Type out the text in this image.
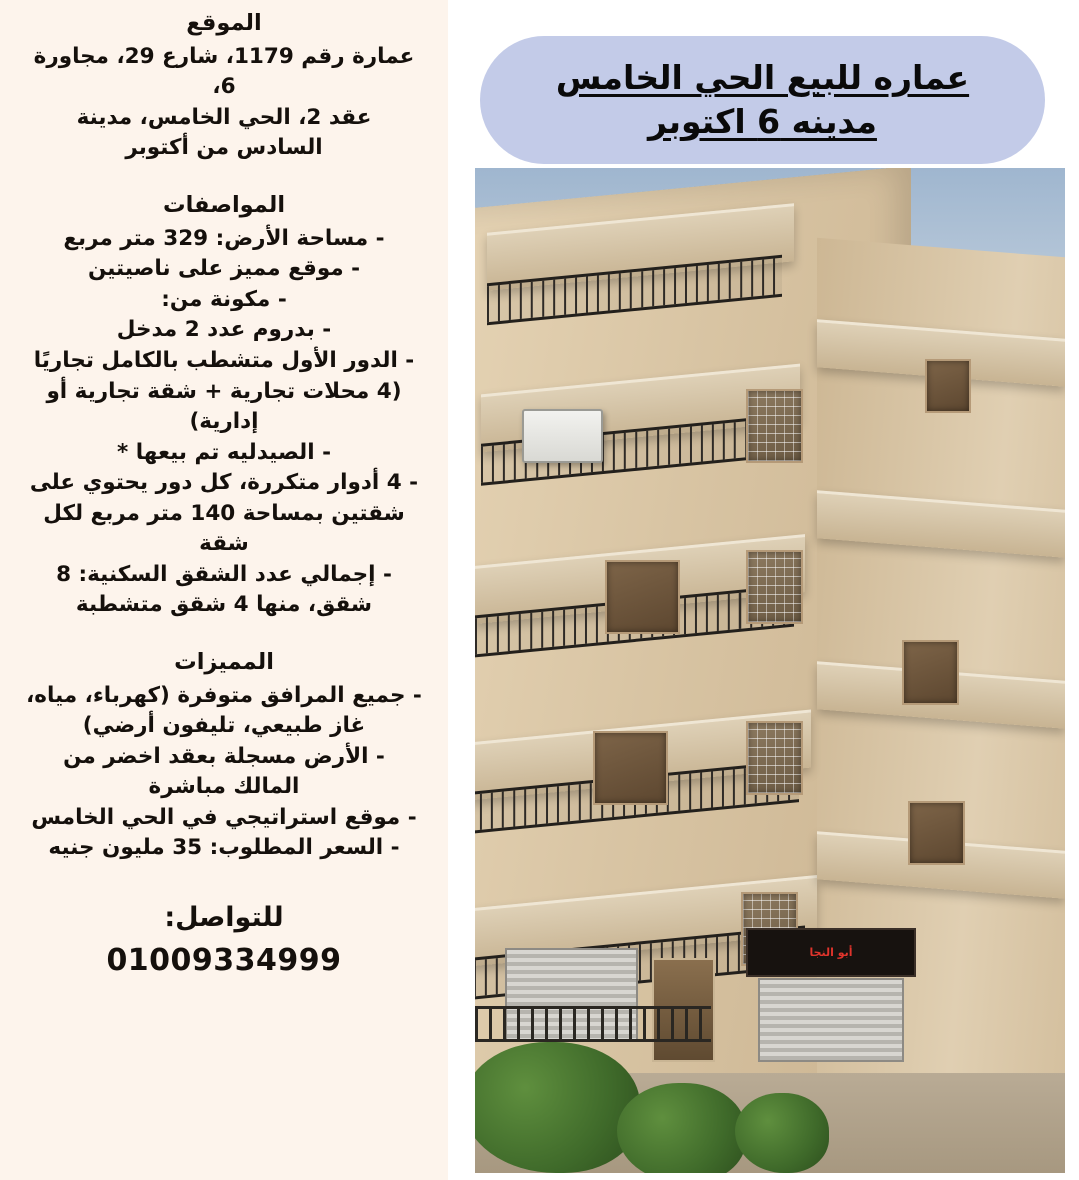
الموقع
عمارة رقم 1179، شارع 29، مجاورة 6،
عقد 2، الحي الخامس، مدينة
السادس من أكتوبر
المواصفات
- مساحة الأرض: 329 متر مربع
- موقع مميز على ناصيتين
- مكونة من:
- بدروم عدد 2 مدخل
- الدور الأول متشطب بالكامل تجاريًا
(4 محلات تجارية + شقة تجارية أو
إدارية)
- الصيدليه تم بيعها *
- 4 أدوار متكررة، كل دور يحتوي على
شقتين بمساحة 140 متر مربع لكل
شقة
- إجمالي عدد الشقق السكنية: 8
شقق، منها 4 شقق متشطبة
المميزات
- جميع المرافق متوفرة (كهرباء، مياه،
غاز طبيعي، تليفون أرضي)
- الأرض مسجلة بعقد اخضر من
المالك مباشرة
- موقع استراتيجي في الحي الخامس
- السعر المطلوب: 35 مليون جنيه
للتواصل:
01009334999
عماره للبيع الحي الخامس
مدينه 6 اكتوبر
أبو النجا
